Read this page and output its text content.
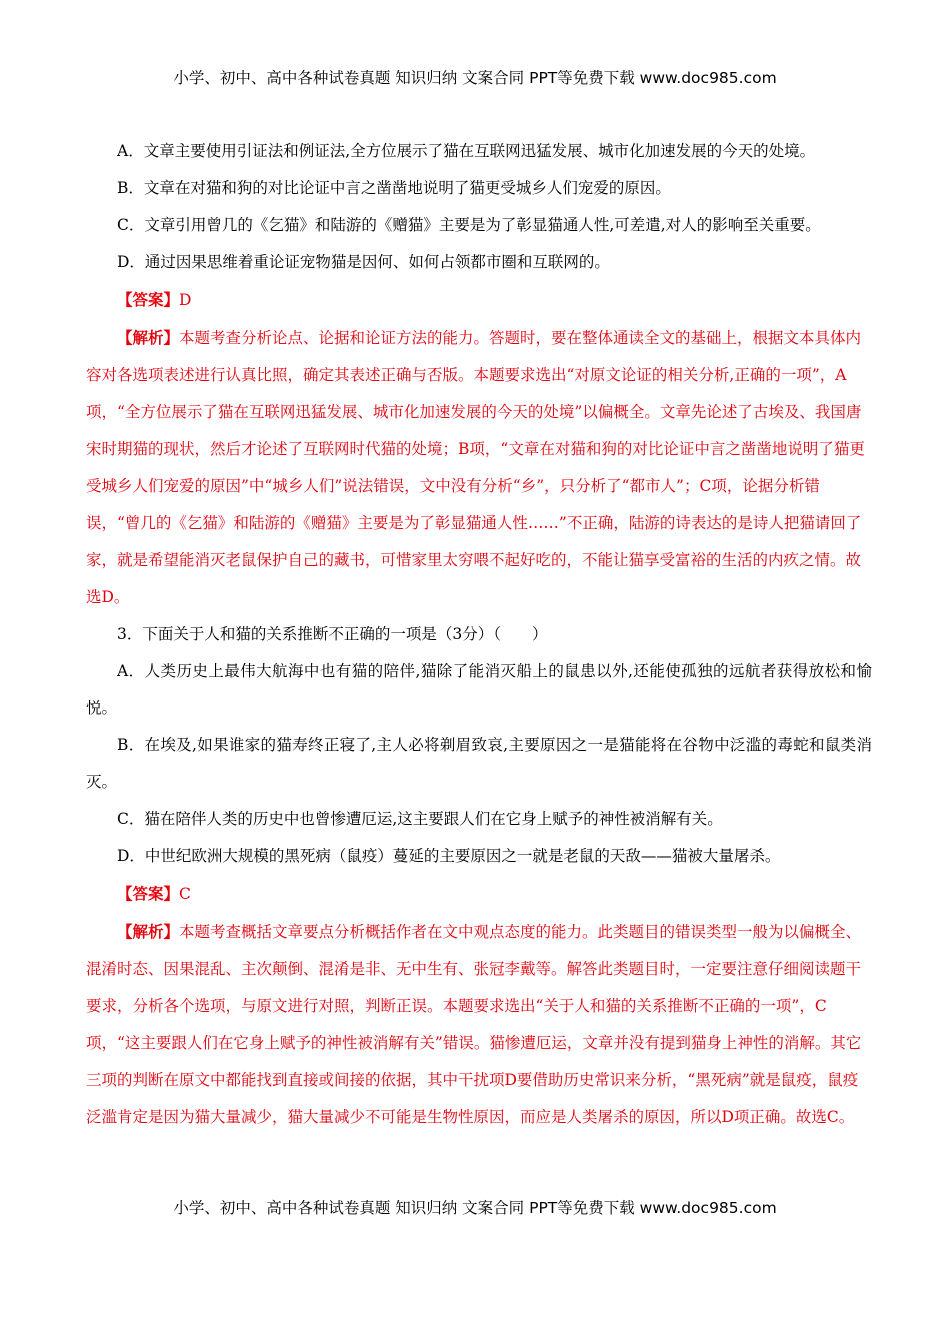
小学、初中、高中各种试卷真题 知识归纳 文案合同 PPT等免费下载 www.doc985.com

A．文章主要使用引证法和例证法,全方位展示了猫在互联网迅猛发展、城市化加速发展的今天的处境。

B．文章在对猫和狗的对比论证中言之凿凿地说明了猫更受城乡人们宠爱的原因。

C．文章引用曾几的《乞猫》和陆游的《赠猫》主要是为了彰显猫通人性,可差遣,对人的影响至关重要。

D．通过因果思维着重论证宠物猫是因何、如何占领都市圈和互联网的。

【答案】D

【解析】本题考查分析论点、论据和论证方法的能力。答题时，要在整体通读全文的基础上，根据文本具体内容对各选项表述进行认真比照，确定其表述正确与否版。本题要求选出“对原文论证的相关分析,正确的一项”，A项，“全方位展示了猫在互联网迅猛发展、城市化加速发展的今天的处境”以偏概全。文章先论述了古埃及、我国唐宋时期猫的现状，然后才论述了互联网时代猫的处境；B项，“文章在对猫和狗的对比论证中言之凿凿地说明了猫更受城乡人们宠爱的原因”中“城乡人们”说法错误，文中没有分析“乡”，只分析了“都市人”；C项，论据分析错误，“曾几的《乞猫》和陆游的《赠猫》主要是为了彰显猫通人性……”不正确，陆游的诗表达的是诗人把猫请回了家，就是希望能消灭老鼠保护自己的藏书，可惜家里太穷喂不起好吃的，不能让猫享受富裕的生活的内疚之情。故选D。

3．下面关于人和猫的关系推断不正确的一项是（3分）（　　）

A．人类历史上最伟大航海中也有猫的陪伴,猫除了能消灭船上的鼠患以外,还能使孤独的远航者获得放松和愉悦。

B．在埃及,如果谁家的猫寿终正寝了,主人必将剃眉致哀,主要原因之一是猫能将在谷物中泛滥的毒蛇和鼠类消灭。

C．猫在陪伴人类的历史中也曾惨遭厄运,这主要跟人们在它身上赋予的神性被消解有关。

D．中世纪欧洲大规模的黑死病（鼠疫）蔓延的主要原因之一就是老鼠的天敌——猫被大量屠杀。

【答案】C

【解析】本题考查概括文章要点分析概括作者在文中观点态度的能力。此类题目的错误类型一般为以偏概全、混淆时态、因果混乱、主次颠倒、混淆是非、无中生有、张冠李戴等。解答此类题目时，一定要注意仔细阅读题干要求，分析各个选项，与原文进行对照，判断正误。本题要求选出“关于人和猫的关系推断不正确的一项”，C项，“这主要跟人们在它身上赋予的神性被消解有关”错误。猫惨遭厄运，文章并没有提到猫身上神性的消解。其它三项的判断在原文中都能找到直接或间接的依据，其中干扰项D要借助历史常识来分析，“黑死病”就是鼠疫，鼠疫泛滥肯定是因为猫大量减少，猫大量减少不可能是生物性原因，而应是人类屠杀的原因，所以D项正确。故选C。

小学、初中、高中各种试卷真题 知识归纳 文案合同 PPT等免费下载 www.doc985.com
